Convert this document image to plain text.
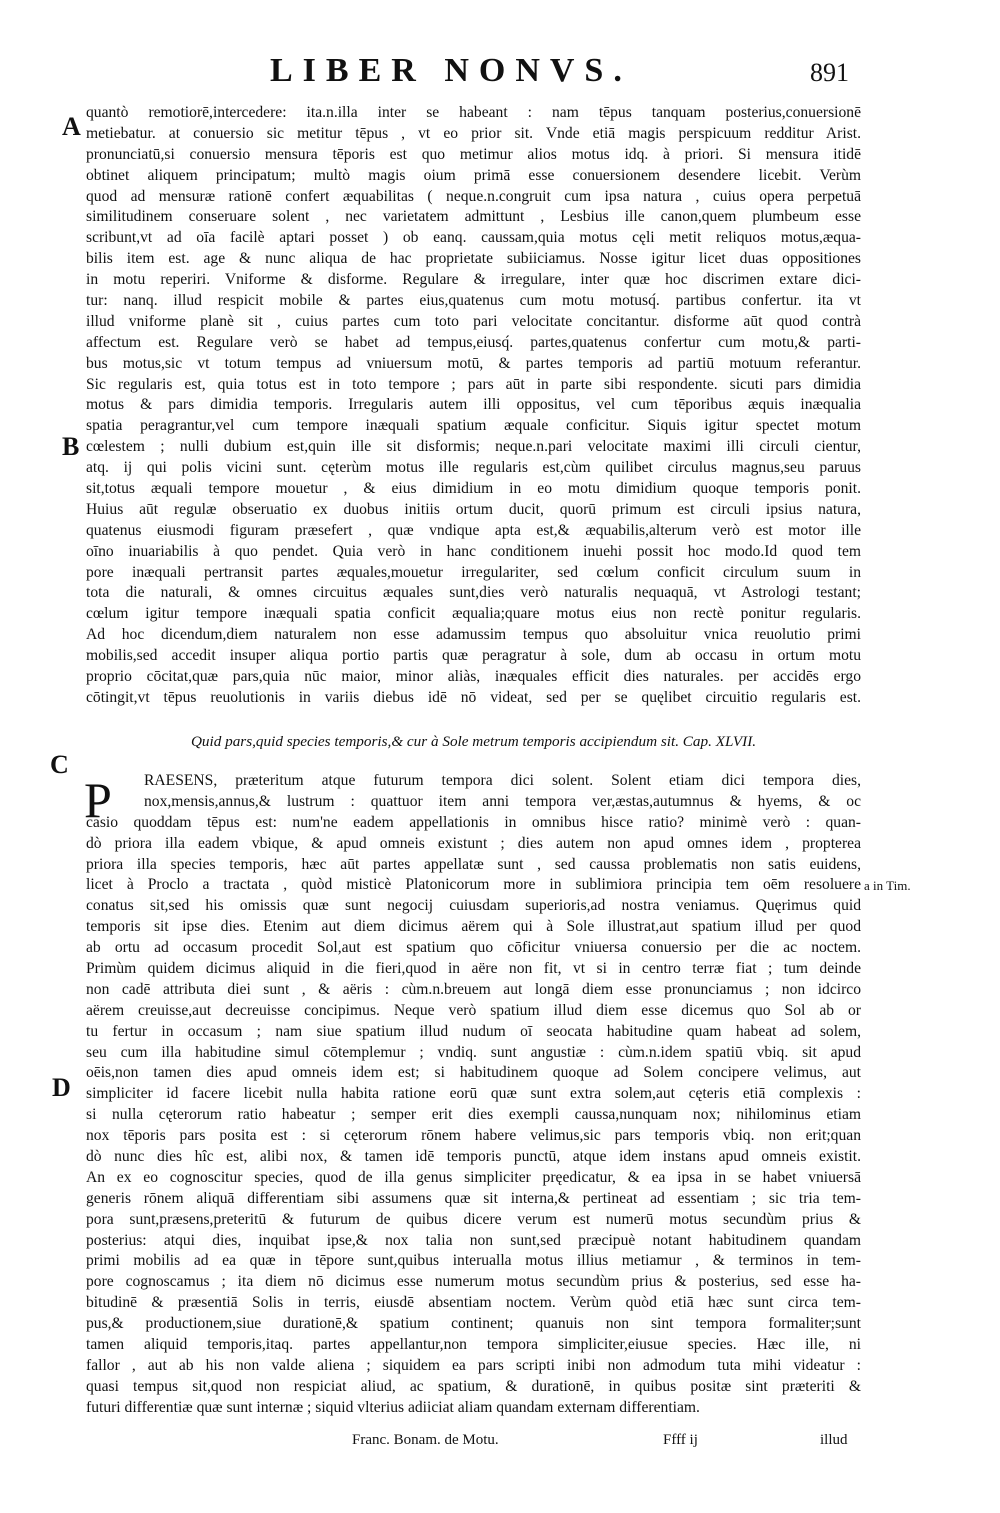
LIBER NONVS.	891
A
B
C
D
quantò remotiorē,intercedere: ita.n.illa inter se habeant : nam tēpus tanquam posterius,conuersionē
metiebatur. at conuersio sic metitur tēpus , vt eo prior sit. Vnde etiā magis perspicuum redditur Arist.
pronunciatū,si conuersio mensura tēporis est quo metimur alios motus idq. à priori. Si mensura itidē
obtinet aliquem principatum; multò magis oium primā esse conuersionem desendere licebit. Verùm
quod ad mensuræ rationē confert æquabilitas ( neque.n.congruit cum ipsa natura , cuius opera perpetuā
similitudinem conseruare solent , nec varietatem admittunt , Lesbius ille canon,quem plumbeum esse
scribunt,vt ad oīa facilè aptari posset ) ob eanq. caussam,quia motus cęli metit reliquos motus,æqua-
bilis item est. age & nunc aliqua de hac proprietate subiiciamus. Nosse igitur licet duas oppositiones
in motu reperiri. Vniforme & disforme. Regulare & irregulare, inter quæ hoc discrimen extare dici-
tur: nanq. illud respicit mobile & partes eius,quatenus cum motu motusq́. partibus confertur. ita vt
illud vniforme planè sit , cuius partes cum toto pari velocitate concitantur. disforme aūt quod contrà
affectum est. Regulare verò se habet ad tempus,eiusq́. partes,quatenus confertur cum motu,& parti-
bus motus,sic vt totum tempus ad vniuersum motū, & partes temporis ad partiū motuum referantur.
Sic regularis est, quia totus est in toto tempore ; pars aūt in parte sibi respondente. sicuti pars dimidia
motus & pars dimidia temporis. Irregularis autem illi oppositus, vel cum tēporibus æquis inæqualia
spatia peragrantur,vel cum tempore inæquali spatium æquale conficitur. Siquis igitur spectet motum
cœlestem ; nulli dubium est,quin ille sit disformis; neque.n.pari velocitate maximi illi circuli cientur,
atq. ij qui polis vicini sunt. cęterùm motus ille regularis est,cùm quilibet circulus magnus,seu paruus
sit,totus æquali tempore mouetur , & eius dimidium in eo motu dimidium quoque temporis ponit.
Huius aūt regulæ obseruatio ex duobus initiis ortum ducit, quorū primum est circuli ipsius natura,
quatenus eiusmodi figuram præsefert , quæ vndique apta est,& æquabilis,alterum verò est motor ille
oīno inuariabilis à quo pendet. Quia verò in hanc conditionem inuehi possit hoc modo.Id quod tem
pore inæquali pertransit partes æquales,mouetur irregulariter, sed cœlum conficit circulum suum in
tota die naturali, & omnes circuitus æquales sunt,dies verò naturalis nequaquā, vt Astrologi testant;
cœlum igitur tempore inæquali spatia conficit æqualia;quare motus eius non rectè ponitur regularis.
Ad hoc dicendum,diem naturalem non esse adamussim tempus quo absoluitur vnica reuolutio primi
mobilis,sed accedit insuper aliqua portio partis quæ peragratur à sole, dum ab occasu in ortum motu
proprio cōcitat,quæ pars,quia nūc maior, minor aliàs, inæquales efficit dies naturales. per accidēs ergo
cōtingit,vt tēpus reuolutionis in variis diebus idē nō videat, sed per se quęlibet circuitio regularis est.
Quid pars,quid species temporis,& cur à Sole metrum temporis accipiendum sit. Cap. XLVII.
P	RAESENS, præteritum atque futurum tempora dici solent. Solent etiam dici tempora dies,
nox,mensis,annus,& lustrum : quattuor item anni tempora ver,æstas,autumnus & hyems, & oc
casio quoddam tēpus est: num'ne eadem appellationis in omnibus hisce ratio? minimè verò : quan-
dò priora illa eadem vbique, & apud omneis existunt ; dies autem non apud omnes idem , propterea
priora illa species temporis, hæc aūt partes appellatæ sunt , sed caussa problematis non satis euidens,
licet à Proclo a tractata , quòd misticè Platonicorum more in sublimiora principia tem oēm resoluere
conatus sit,sed his omissis quæ sunt negocij cuiusdam superioris,ad nostra veniamus. Quęrimus quid
temporis sit ipse dies. Etenim aut diem dicimus aërem qui à Sole illustrat,aut spatium illud per quod
ab ortu ad occasum procedit Sol,aut est spatium quo cōficitur vniuersa conuersio per die ac noctem.
Primùm quidem dicimus aliquid in die fieri,quod in aëre non fit, vt si in centro terræ fiat ; tum deinde
non cadē attributa diei sunt , & aëris : cùm.n.breuem aut longā diem esse pronunciamus ; non idcirco
aërem creuisse,aut decreuisse concipimus. Neque verò spatium illud diem esse dicemus quo Sol ab or
tu fertur in occasum ; nam siue spatium illud nudum oī seocata habitudine quam habeat ad solem,
seu cum illa habitudine simul cōtemplemur ; vndiq. sunt angustiæ : cùm.n.idem spatiū vbiq. sit apud
oēis,non tamen dies apud omneis idem est; si habitudinem quoque ad Solem concipere velimus, aut
simpliciter id facere licebit nulla habita ratione eorū quæ sunt extra solem,aut cęteris etiā complexis :
si nulla cęterorum ratio habeatur ; semper erit dies exempli caussa,nunquam nox; nihilominus etiam
nox tēporis pars posita est : si cęterorum rōnem habere velimus,sic pars temporis vbiq. non erit;quan
dò nunc dies hîc est, alibi nox, & tamen idē temporis punctū, atque idem instans apud omneis existit.
An ex eo cognoscitur species, quod de illa genus simpliciter pręedicatur, & ea ipsa in se habet vniuersā
generis rōnem aliquā differentiam sibi assumens quæ sit interna,& pertineat ad essentiam ; sic tria tem-
pora sunt,præsens,preteritū & futurum de quibus dicere verum est numerū motus secundùm prius &
posterius: atqui dies, inquibat ipse,& nox talia non sunt,sed præcipuè notant habitudinem quandam
primi mobilis ad ea quæ in tēpore sunt,quibus interualla motus illius metiamur , & terminos in tem-
pore cognoscamus ; ita diem nō dicimus esse numerum motus secundùm prius & posterius, sed esse ha-
bitudinē & præsentiā Solis in terris, eiusdē absentiam noctem. Verùm quòd etiā hæc sunt circa tem-
pus,& productionem,siue durationē,& spatium continent; quanuis non sint tempora formaliter;sunt
tamen aliquid temporis,itaq. partes appellantur,non tempora simpliciter,eiusue species. Hæc ille, ni
fallor , aut ab his non valde aliena ; siquidem ea pars scripti inibi non admodum tuta mihi videatur :
quasi tempus sit,quod non respiciat aliud, ac spatium, & durationē, in quibus positæ sint præteriti &
futuri differentiæ quæ sunt internæ ; siquid vlterius adiiciat aliam quandam externam differentiam.
a in Tim.
Franc. Bonam. de Motu.	Ffff ij	illud
